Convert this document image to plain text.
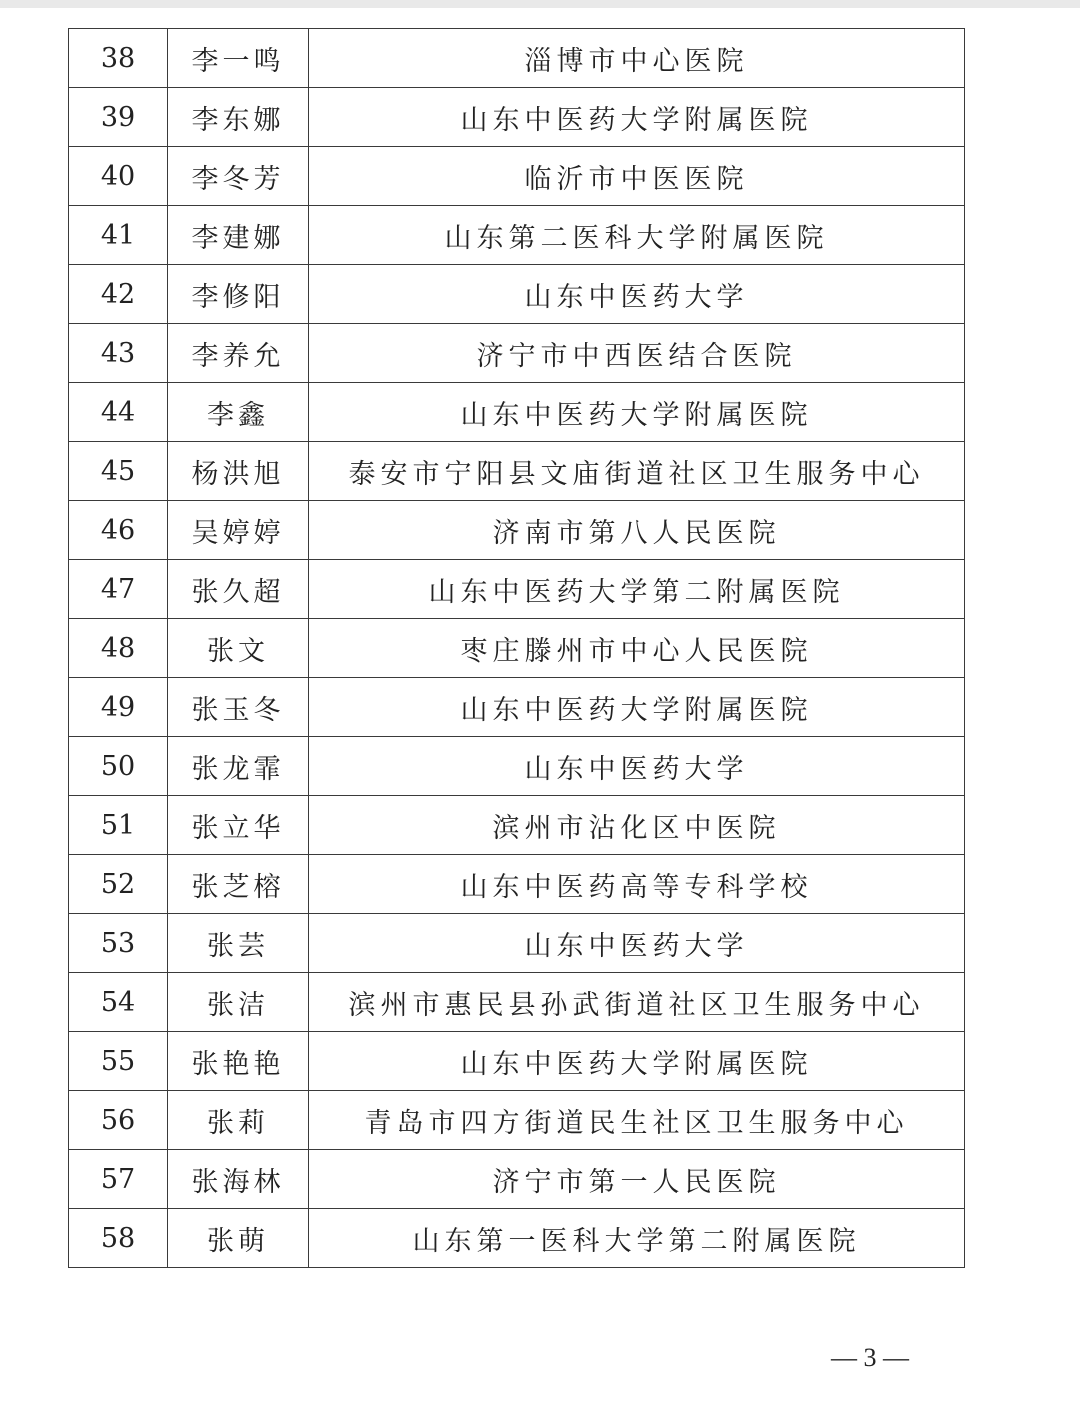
38	李一鸣	淄博市中心医院
39	李东娜	山东中医药大学附属医院
40	李冬芳	临沂市中医医院
41	李建娜	山东第二医科大学附属医院
42	李修阳	山东中医药大学
43	李养允	济宁市中西医结合医院
44	李鑫	山东中医药大学附属医院
45	杨洪旭	泰安市宁阳县文庙街道社区卫生服务中心
46	吴婷婷	济南市第八人民医院
47	张久超	山东中医药大学第二附属医院
48	张文	枣庄滕州市中心人民医院
49	张玉冬	山东中医药大学附属医院
50	张龙霏	山东中医药大学
51	张立华	滨州市沾化区中医院
52	张芝榕	山东中医药高等专科学校
53	张芸	山东中医药大学
54	张洁	滨州市惠民县孙武街道社区卫生服务中心
55	张艳艳	山东中医药大学附属医院
56	张莉	青岛市四方街道民生社区卫生服务中心
57	张海林	济宁市第一人民医院
58	张萌	山东第一医科大学第二附属医院
— 3 —
